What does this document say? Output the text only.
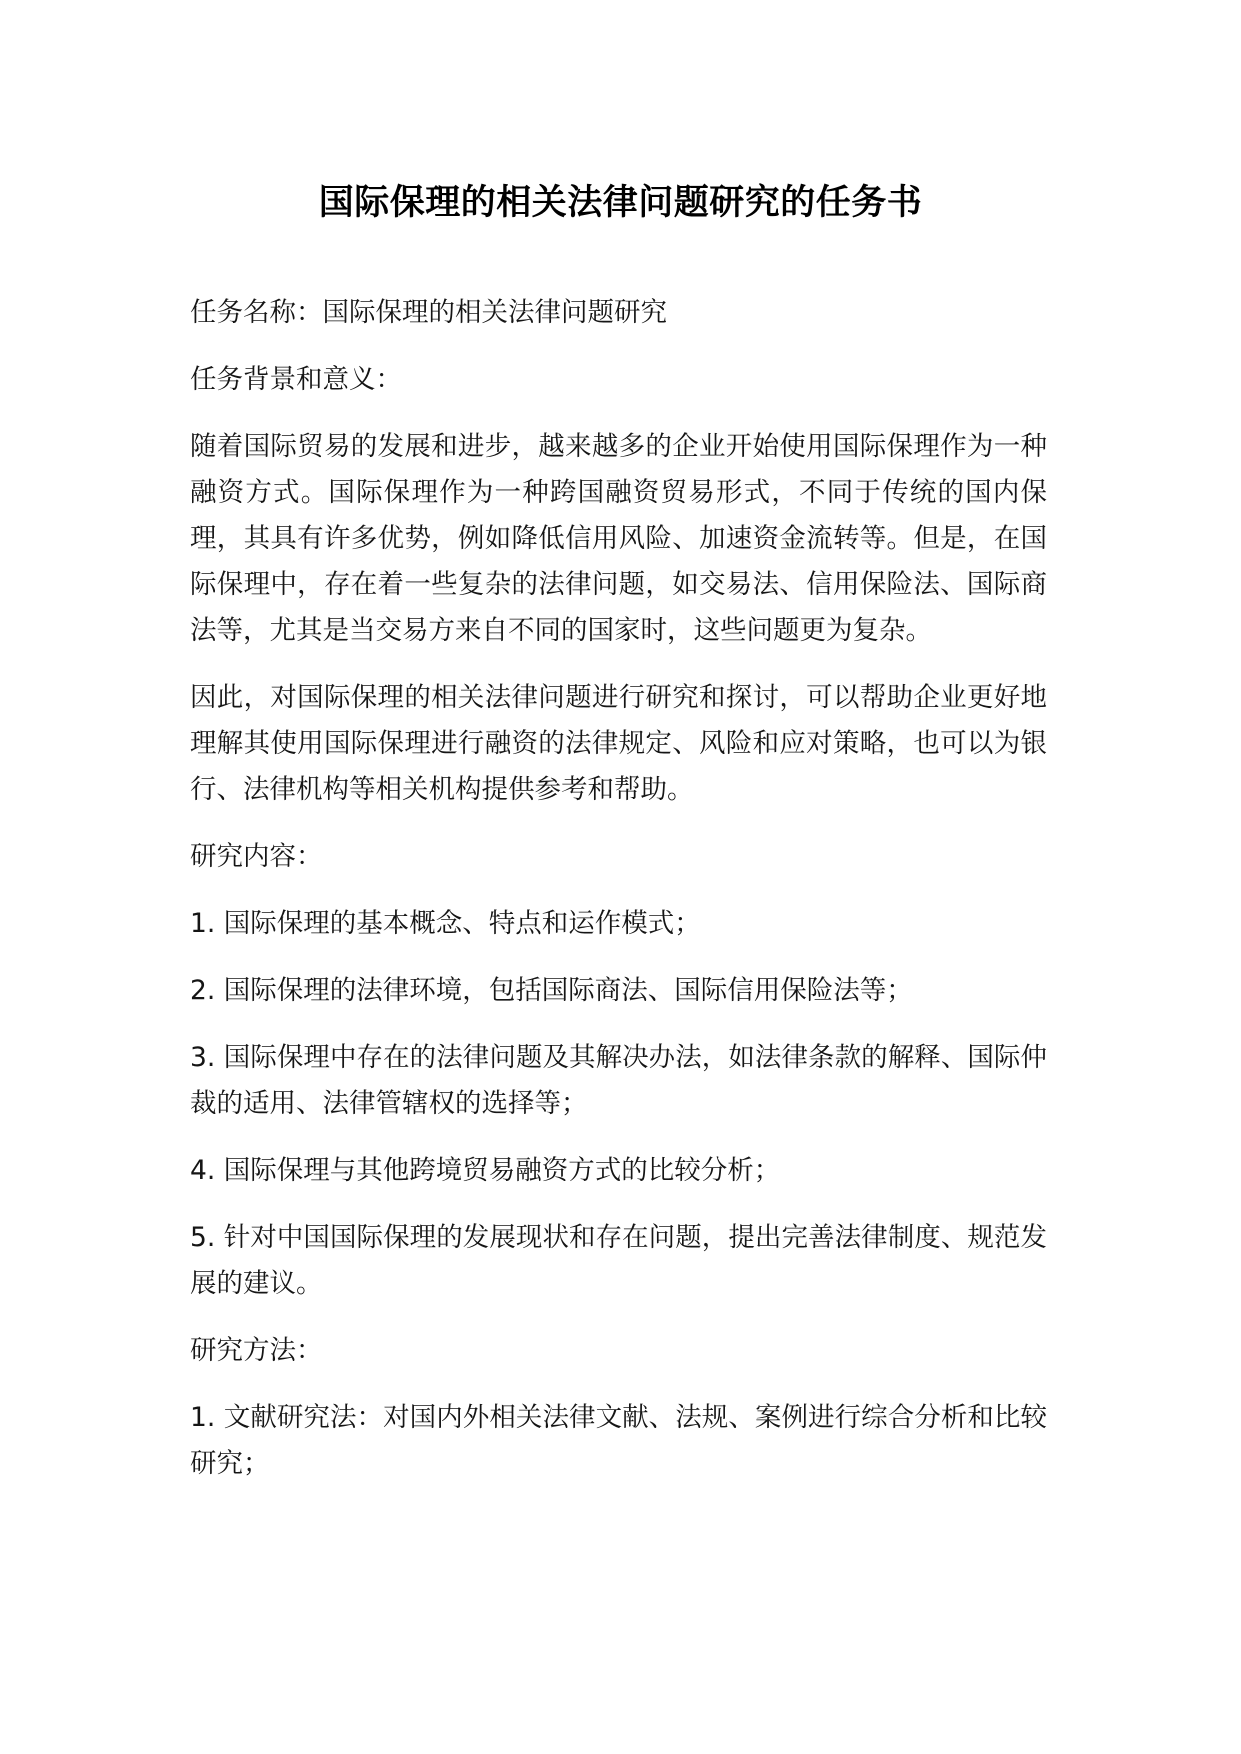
国际保理的相关法律问题研究的任务书

任务名称：国际保理的相关法律问题研究

任务背景和意义：

随着国际贸易的发展和进步，越来越多的企业开始使用国际保理作为一种融资方式。国际保理作为一种跨国融资贸易形式，不同于传统的国内保理，其具有许多优势，例如降低信用风险、加速资金流转等。但是，在国际保理中，存在着一些复杂的法律问题，如交易法、信用保险法、国际商法等，尤其是当交易方来自不同的国家时，这些问题更为复杂。

因此，对国际保理的相关法律问题进行研究和探讨，可以帮助企业更好地理解其使用国际保理进行融资的法律规定、风险和应对策略，也可以为银行、法律机构等相关机构提供参考和帮助。

研究内容：

1. 国际保理的基本概念、特点和运作模式；

2. 国际保理的法律环境，包括国际商法、国际信用保险法等；

3. 国际保理中存在的法律问题及其解决办法，如法律条款的解释、国际仲裁的适用、法律管辖权的选择等；

4. 国际保理与其他跨境贸易融资方式的比较分析；

5. 针对中国国际保理的发展现状和存在问题，提出完善法律制度、规范发展的建议。

研究方法：

1. 文献研究法：对国内外相关法律文献、法规、案例进行综合分析和比较研究；
